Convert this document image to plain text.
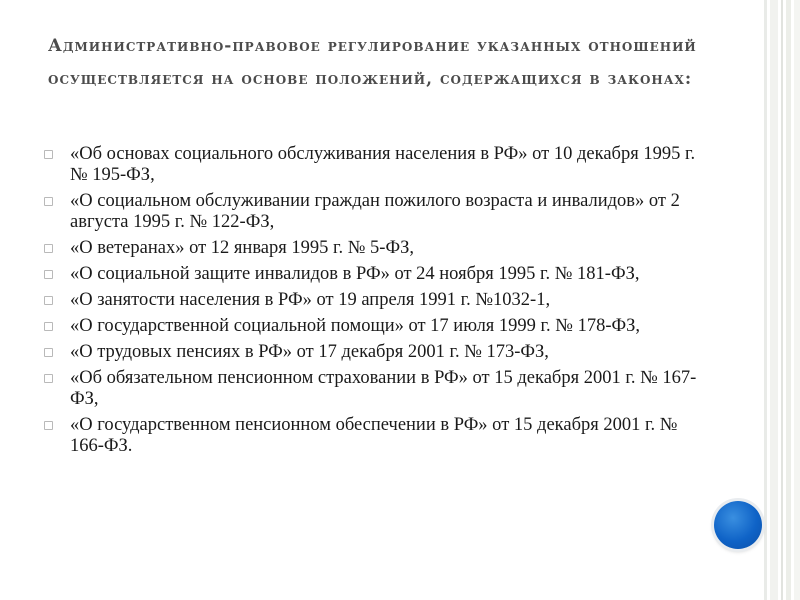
Административно-правовое регулирование указанных отношений осуществляется на основе положений, содержащихся в законах:
«Об основах социального обслуживания населения в РФ» от 10 декабря 1995 г. № 195-ФЗ,
«О социальном обслуживании граждан пожилого возраста и инвалидов» от 2 августа 1995 г. № 122-ФЗ,
«О ветеранах» от 12 января 1995 г. № 5-ФЗ,
«О социальной защите инвалидов в РФ» от 24 ноября 1995 г. № 181-ФЗ,
«О занятости населения в РФ» от 19 апреля 1991 г. №1032-1,
«О государственной социальной помощи» от 17 июля 1999 г. № 178-ФЗ,
«О трудовых пенсиях в РФ» от 17 декабря 2001 г. № 173-ФЗ,
«Об обязательном пенсионном страховании в РФ» от 15 декабря 2001 г. № 167-ФЗ,
«О государственном пенсионном обеспечении в РФ» от 15 декабря 2001 г. № 166-ФЗ.
